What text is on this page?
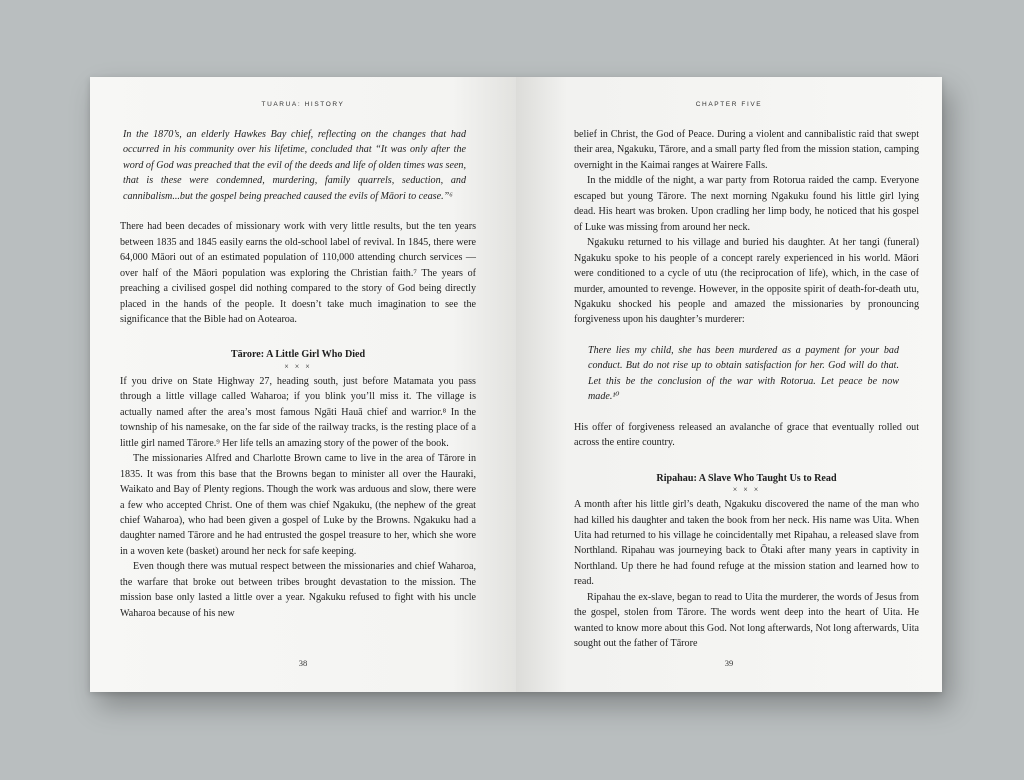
TUARUA: HISTORY

In the 1870’s, an elderly Hawkes Bay chief, reflecting on the changes that had occurred in his community over his lifetime, concluded that “It was only after the word of God was preached that the evil of the deeds and life of olden times was seen, that is these were condemned, murdering, family quarrels, seduction, and cannibalism...but the gospel being preached caused the evils of Māori to cease.”⁶

There had been decades of missionary work with very little results, but the ten years between 1835 and 1845 easily earns the old-school label of revival. In 1845, there were 64,000 Māori out of an estimated population of 110,000 attending church services — over half of the Māori population was exploring the Christian faith.⁷ The years of preaching a civilised gospel did nothing compared to the story of God being directly placed in the hands of the people. It doesn’t take much imagination to see the significance that the Bible had on Aotearoa.

Tārore: A Little Girl Who Died
× × ×

If you drive on State Highway 27, heading south, just before Matamata you pass through a little village called Waharoa; if you blink you’ll miss it. The village is actually named after the area’s most famous Ngāti Hauā chief and warrior.⁸ In the township of his namesake, on the far side of the railway tracks, is the resting place of a little girl named Tārore.⁹ Her life tells an amazing story of the power of the book.

The missionaries Alfred and Charlotte Brown came to live in the area of Tārore in 1835. It was from this base that the Browns began to minister all over the Hauraki, Waikato and Bay of Plenty regions. Though the work was arduous and slow, there were a few who accepted Christ. One of them was chief Ngakuku, (the nephew of the great chief Waharoa), who had been given a gospel of Luke by the Browns. Ngakuku had a daughter named Tārore and he had entrusted the gospel treasure to her, which she wore in a woven kete (basket) around her neck for safe keeping.

Even though there was mutual respect between the missionaries and chief Waharoa, the warfare that broke out between tribes brought devastation to the mission. The mission base only lasted a little over a year. Ngakuku refused to fight with his uncle Waharoa because of his new

38
CHAPTER FIVE

belief in Christ, the God of Peace. During a violent and cannibalistic raid that swept their area, Ngakuku, Tārore, and a small party fled from the mission station, camping overnight in the Kaimai ranges at Wairere Falls.

In the middle of the night, a war party from Rotorua raided the camp. Everyone escaped but young Tārore. The next morning Ngakuku found his little girl lying dead. His heart was broken. Upon cradling her limp body, he noticed that his gospel of Luke was missing from around her neck.

Ngakuku returned to his village and buried his daughter. At her tangi (funeral) Ngakuku spoke to his people of a concept rarely experienced in his world. Māori were conditioned to a cycle of utu (the reciprocation of life), which, in the case of murder, amounted to revenge. However, in the opposite spirit of death-for-death utu, Ngakuku shocked his people and amazed the missionaries by pronouncing forgiveness upon his daughter’s murderer:

There lies my child, she has been murdered as a payment for your bad conduct. But do not rise up to obtain satisfaction for her. God will do that. Let this be the conclusion of the war with Rotorua. Let peace be now made.¹⁰

His offer of forgiveness released an avalanche of grace that eventually rolled out across the entire country.

Ripahau: A Slave Who Taught Us to Read
× × ×

A month after his little girl’s death, Ngakuku discovered the name of the man who had killed his daughter and taken the book from her neck. His name was Uita. When Uita had returned to his village he coincidentally met Ripahau, a released slave from Northland. Ripahau was journeying back to Ōtaki after many years in captivity in Northland. Up there he had found refuge at the mission station and learned how to read.

Ripahau the ex-slave, began to read to Uita the murderer, the words of Jesus from the gospel, stolen from Tārore. The words went deep into the heart of Uita. He wanted to know more about this God. Not long afterwards, Not long afterwards, Uita sought out the father of Tārore

39
